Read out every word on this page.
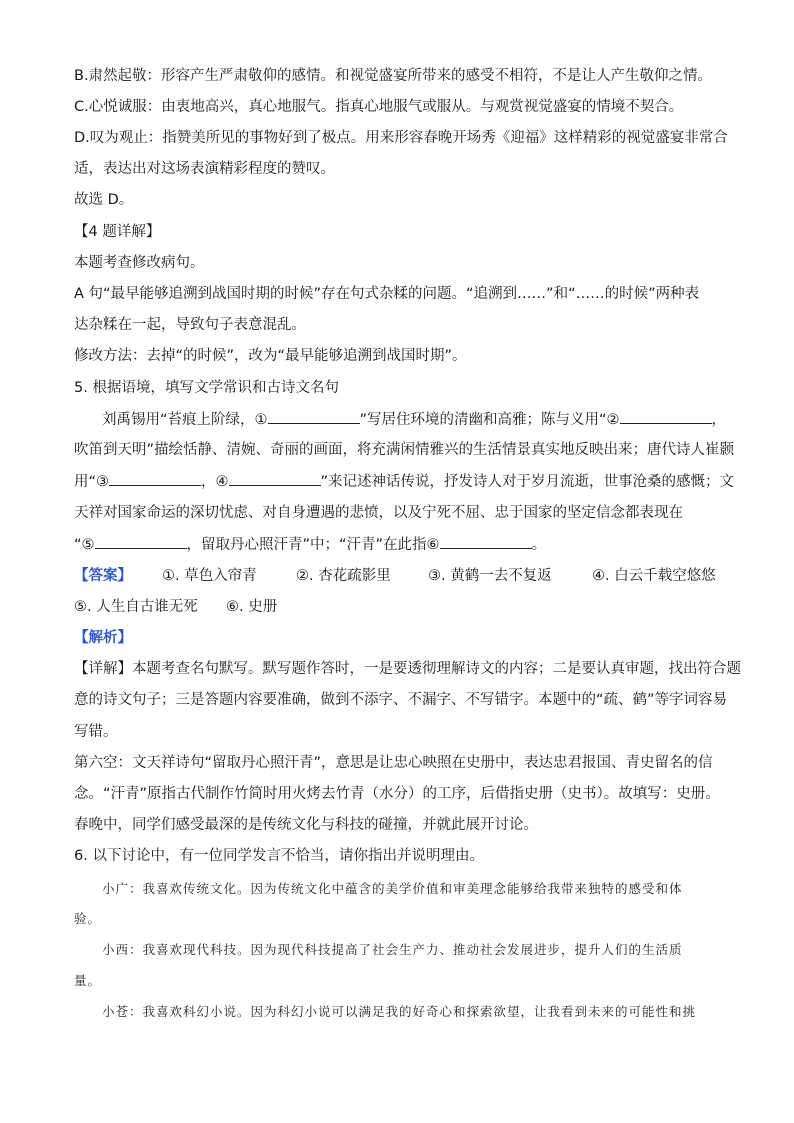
B.肃然起敬：形容产生严肃敬仰的感情。和视觉盛宴所带来的感受不相符，不是让人产生敬仰之情。
C.心悦诚服：由衷地高兴，真心地服气。指真心地服气或服从。与观赏视觉盛宴的情境不契合。
D.叹为观止：指赞美所见的事物好到了极点。用来形容春晚开场秀《迎福》这样精彩的视觉盛宴非常合
适，表达出对这场表演精彩程度的赞叹。
故选 D。
【4 题详解】
本题考查修改病句。
A 句“最早能够追溯到战国时期的时候”存在句式杂糅的问题。“追溯到……”和“……的时候”两种表
达杂糅在一起，导致句子表意混乱。
修改方法：去掉“的时候”，改为“最早能够追溯到战国时期”。
5. 根据语境，填写文学常识和古诗文名句
刘禹锡用“苔痕上阶绿，①	”写居住环境的清幽和高雅；陈与义用“②	，
吹笛到天明”描绘恬静、清婉、奇丽的画面，将充满闲情雅兴的生活情景真实地反映出来；唐代诗人崔颢
用“③	，④	”来记述神话传说，抒发诗人对于岁月流逝，世事沧桑的感慨；文
天祥对国家命运的深切忧虑、对自身遭遇的悲愤，以及宁死不屈、忠于国家的坚定信念都表现在
“⑤	，留取丹心照汗青”中；“汗青”在此指⑥	。
【答案】 ①. 草色入帘青	②. 杏花疏影里	③. 黄鹤一去不复返	④. 白云千载空悠悠
⑤. 人生自古谁无死 ⑥. 史册
【解析】
【详解】本题考查名句默写。默写题作答时，一是要透彻理解诗文的内容；二是要认真审题，找出符合题
意的诗文句子；三是答题内容要准确，做到不添字、不漏字、不写错字。本题中的“疏、鹤”等字词容易
写错。
第六空：文天祥诗句“留取丹心照汗青”，意思是让忠心映照在史册中，表达忠君报国、青史留名的信
念。“汗青”原指古代制作竹简时用火烤去竹青（水分）的工序，后借指史册（史书）。故填写：史册。
春晚中，同学们感受最深的是传统文化与科技的碰撞，并就此展开讨论。
6. 以下讨论中，有一位同学发言不恰当，请你指出并说明理由。
小广：我喜欢传统文化。因为传统文化中蕴含的美学价值和审美理念能够给我带来独特的感受和体
验。
小西：我喜欢现代科技。因为现代科技提高了社会生产力、推动社会发展进步，提升人们的生活质
量。
小苍：我喜欢科幻小说。因为科幻小说可以满足我的好奇心和探索欲望，让我看到未来的可能性和挑
